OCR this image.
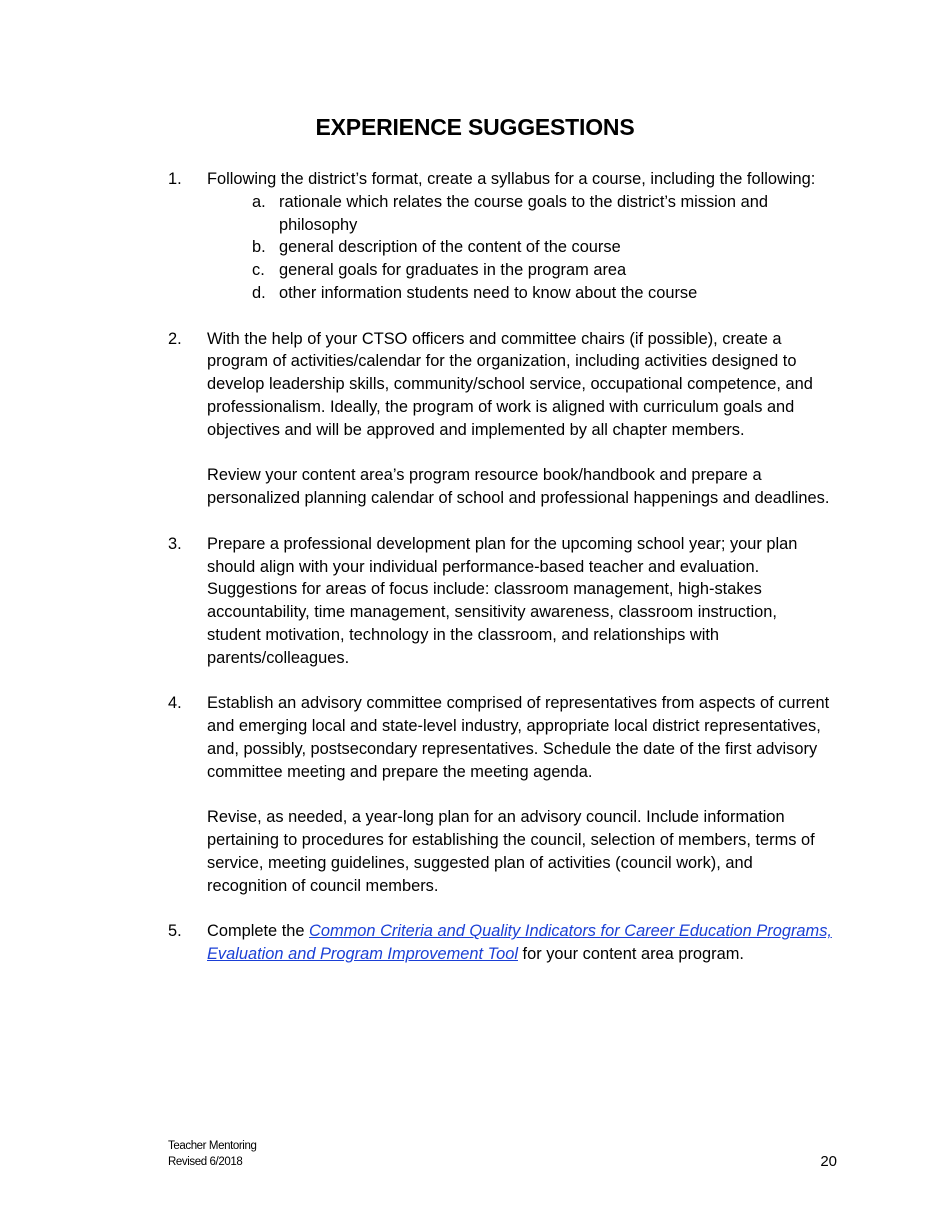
EXPERIENCE SUGGESTIONS
1. Following the district’s format, create a syllabus for a course, including the following:

a. rationale which relates the course goals to the district’s mission and philosophy
b. general description of the content of the course
c. general goals for graduates in the program area
d. other information students need to know about the course
2. With the help of your CTSO officers and committee chairs (if possible), create a program of activities/calendar for the organization, including activities designed to develop leadership skills, community/school service, occupational competence, and professionalism. Ideally, the program of work is aligned with curriculum goals and objectives and will be approved and implemented by all chapter members.

Review your content area’s program resource book/handbook and prepare a personalized planning calendar of school and professional happenings and deadlines.

3. Prepare a professional development plan for the upcoming school year; your plan should align with your individual performance-based teacher and evaluation. Suggestions for areas of focus include: classroom management, high-stakes accountability, time management, sensitivity awareness, classroom instruction, student motivation, technology in the classroom, and relationships with parents/colleagues.

4. Establish an advisory committee comprised of representatives from aspects of current and emerging local and state-level industry, appropriate local district representatives, and, possibly, postsecondary representatives. Schedule the date of the first advisory committee meeting and prepare the meeting agenda.

Revise, as needed, a year-long plan for an advisory council. Include information pertaining to procedures for establishing the council, selection of members, terms of service, meeting guidelines, suggested plan of activities (council work), and recognition of council members.

5. Complete the Common Criteria and Quality Indicators for Career Education Programs, Evaluation and Program Improvement Tool for your content area program.

Teacher Mentoring
Revised 6/2018	20
